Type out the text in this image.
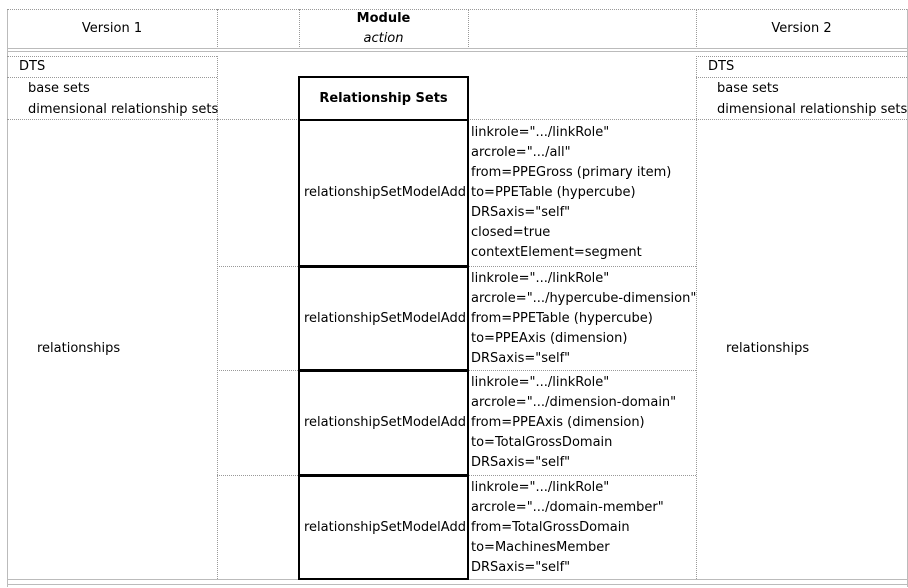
Version 1
Module
action
Version 2
DTS
base sets
dimensional relationship sets
DTS
base sets
dimensional relationship sets
Relationship Sets
relationshipSetModelAdd
relationshipSetModelAdd
relationshipSetModelAdd
relationshipSetModelAdd
linkrole=".../linkRole"
arcrole=".../all"
from=PPEGross (primary item)
to=PPETable (hypercube)
DRSaxis="self"
closed=true
contextElement=segment
linkrole=".../linkRole"
arcrole=".../hypercube-dimension"
from=PPETable (hypercube)
to=PPEAxis (dimension)
DRSaxis="self"
linkrole=".../linkRole"
arcrole=".../dimension-domain"
from=PPEAxis (dimension)
to=TotalGrossDomain
DRSaxis="self"
linkrole=".../linkRole"
arcrole=".../domain-member"
from=TotalGrossDomain
to=MachinesMember
DRSaxis="self"
relationships	relationships
